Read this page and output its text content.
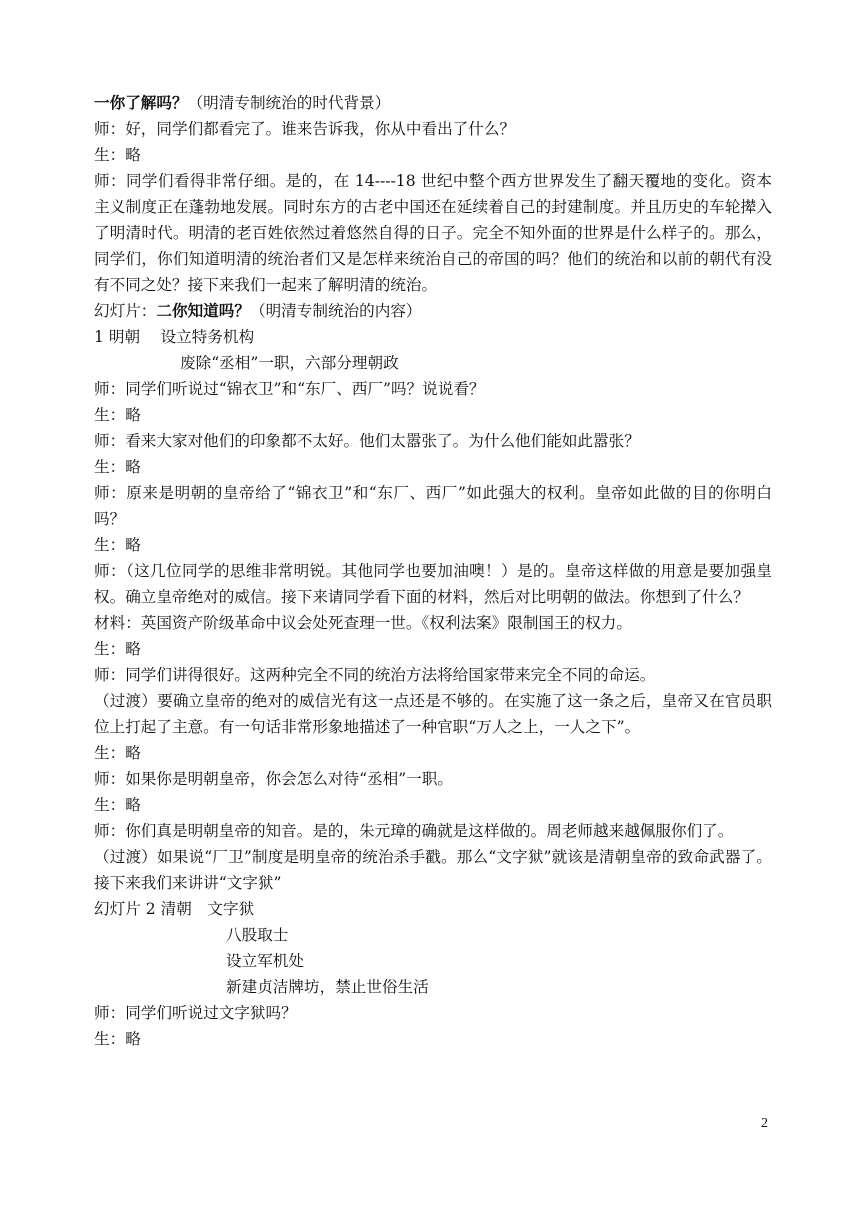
一你了解吗？（明清专制统治的时代背景）

师：好，同学们都看完了。谁来告诉我，你从中看出了什么？

生：略

师：同学们看得非常仔细。是的，在 14----18 世纪中整个西方世界发生了翻天覆地的变化。资本主义制度正在蓬勃地发展。同时东方的古老中国还在延续着自己的封建制度。并且历史的车轮撵入了明清时代。明清的老百姓依然过着悠然自得的日子。完全不知外面的世界是什么样子的。那么，同学们，你们知道明清的统治者们又是怎样来统治自己的帝国的吗？他们的统治和以前的朝代有没有不同之处？接下来我们一起来了解明清的统治。

幻灯片：二你知道吗？（明清专制统治的内容）

1 明朝　 设立特务机构

废除“丞相”一职，六部分理朝政

师：同学们听说过“锦衣卫”和“东厂、西厂”吗？说说看？

生：略

师：看来大家对他们的印象都不太好。他们太嚣张了。为什么他们能如此嚣张？

生：略

师：原来是明朝的皇帝给了“锦衣卫”和“东厂、西厂”如此强大的权利。皇帝如此做的目的你明白吗？

生：略

师：（这几位同学的思维非常明锐。其他同学也要加油噢！）是的。皇帝这样做的用意是要加强皇权。确立皇帝绝对的威信。接下来请同学看下面的材料，然后对比明朝的做法。你想到了什么？

材料：英国资产阶级革命中议会处死查理一世。《权利法案》限制国王的权力。

生：略

师：同学们讲得很好。这两种完全不同的统治方法将给国家带来完全不同的命运。

（过渡）要确立皇帝的绝对的威信光有这一点还是不够的。在实施了这一条之后，皇帝又在官员职位上打起了主意。有一句话非常形象地描述了一种官职“万人之上，一人之下”。

生：略

师：如果你是明朝皇帝，你会怎么对待“丞相”一职。

生：略

师：你们真是明朝皇帝的知音。是的，朱元璋的确就是这样做的。周老师越来越佩服你们了。

（过渡）如果说“厂卫”制度是明皇帝的统治杀手戳。那么“文字狱”就该是清朝皇帝的致命武器了。接下来我们来讲讲“文字狱”

幻灯片 2 清朝　文字狱

八股取士

设立军机处

新建贞洁牌坊，禁止世俗生活

师：同学们听说过文字狱吗？

生：略

2
